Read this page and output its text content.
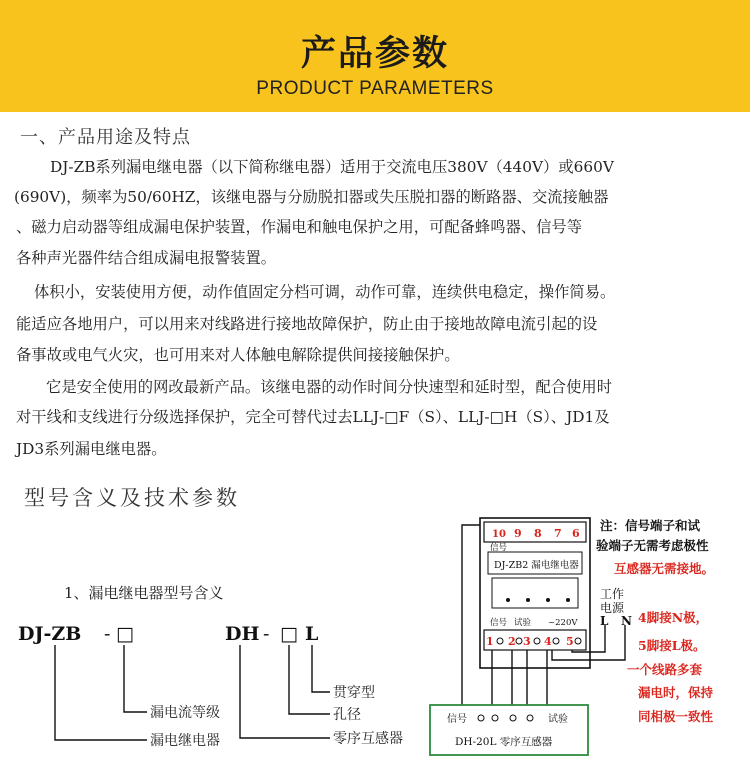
产品参数
PRODUCT PARAMETERS
一、产品用途及特点
DJ-ZB系列漏电继电器（以下简称继电器）适用于交流电压380V（440V）或660V
(690V)，频率为50/60HZ，该继电器与分励脱扣器或失压脱扣器的断路器、交流接触器
、磁力启动器等组成漏电保护装置，作漏电和触电保护之用，可配备蜂鸣器、信号等
各种声光器件结合组成漏电报警装置。
体积小，安装使用方便，动作值固定分档可调，动作可靠，连续供电稳定，操作简易。
能适应各地用户，可以用来对线路进行接地故障保护，防止由于接地故障电流引起的设
备事故或电气火灾，也可用来对人体触电解除提供间接接触保护。
它是安全使用的网改最新产品。该继电器的动作时间分快速型和延时型，配合使用时
对干线和支线进行分级选择保护，完全可替代过去LLJ-□F（S）、LLJ-□H（S）、JD1及
JD3系列漏电继电器。
型号含义及技术参数
1、漏电继电器型号含义
DJ-ZB - □
漏电流等级
漏电继电器
DH - □ L
贯穿型
孔径
零序互感器
DJ-ZB2 漏电继电器
信号
信号 试验 ~220V
10 9 8 7 6
1 2 3 4 5
工作
电源
L N
信号	试验
DH-20L 零序互感器
注：信号端子和试
验端子无需考虑极性
互感器无需接地。
4脚接N极，
5脚接L极。
一个线路多套
漏电时，保持
同相极一致性
